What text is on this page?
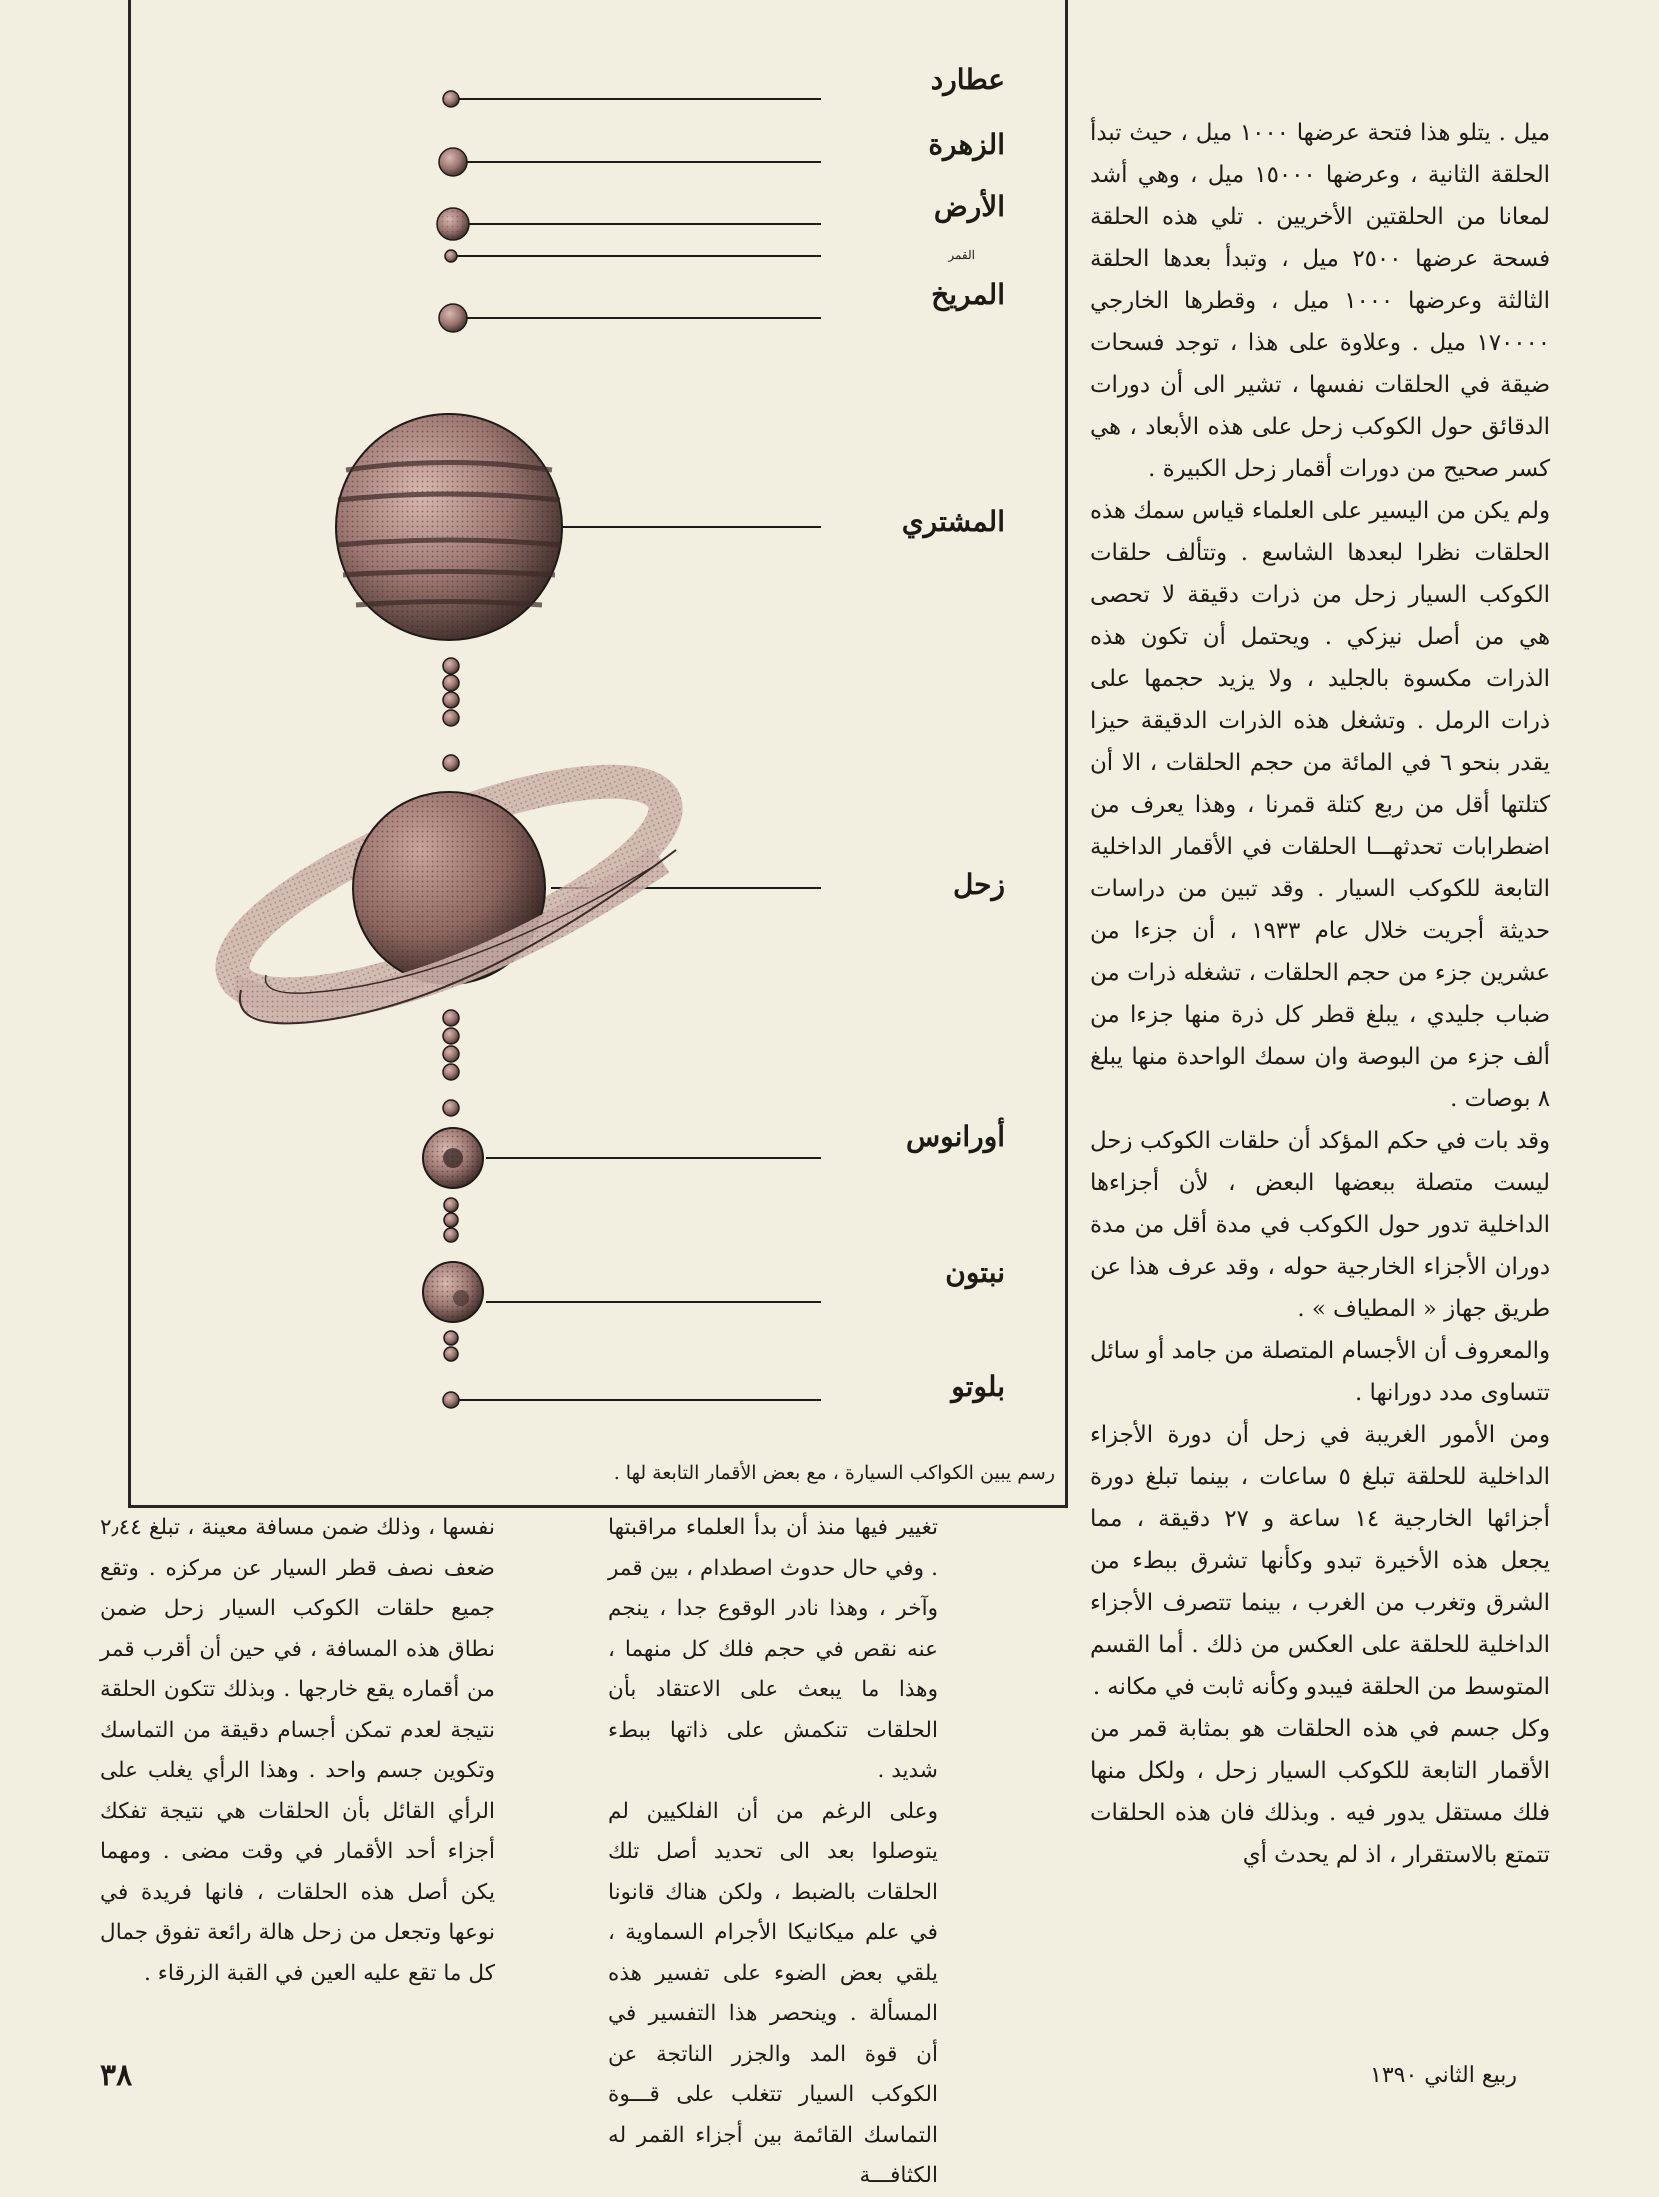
عطارد
الزهرة
الأرض
القمر
المريخ
المشتري
زحل
أورانوس
نبتون
بلوتو
رسم يبين الكواكب السيارة ، مع بعض الأقمار التابعة لها .

ميل . يتلو هذا فتحة عرضها ١٠٠٠ ميل ، حيث تبدأ الحلقة الثانية ، وعرضها ١٥٠٠٠ ميل ، وهي أشد لمعانا من الحلقتين الأخريين . تلي هذه الحلقة فسحة عرضها ٢٥٠٠ ميل ، وتبدأ بعدها الحلقة الثالثة وعرضها ١٠٠٠ ميل ، وقطرها الخارجي ١٧٠٠٠٠ ميل . وعلاوة على هذا ، توجد فسحات ضيقة في الحلقات نفسها ، تشير الى أن دورات الدقائق حول الكوكب زحل على هذه الأبعاد ، هي كسر صحيح من دورات أقمار زحل الكبيرة .

ولم يكن من اليسير على العلماء قياس سمك هذه الحلقات نظرا لبعدها الشاسع . وتتألف حلقات الكوكب السيار زحل من ذرات دقيقة لا تحصى هي من أصل نيزكي . ويحتمل أن تكون هذه الذرات مكسوة بالجليد ، ولا يزيد حجمها على ذرات الرمل . وتشغل هذه الذرات الدقيقة حيزا يقدر بنحو ٦ في المائة من حجم الحلقات ، الا أن كتلتها أقل من ربع كتلة قمرنا ، وهذا يعرف من اضطرابات تحدثهـــا الحلقات في الأقمار الداخلية التابعة للكوكب السيار . وقد تبين من دراسات حديثة أجريت خلال عام ١٩٣٣ ، أن جزءا من عشرين جزء من حجم الحلقات ، تشغله ذرات من ضباب جليدي ، يبلغ قطر كل ذرة منها جزءا من ألف جزء من البوصة وان سمك الواحدة منها يبلغ ٨ بوصات .

وقد بات في حكم المؤكد أن حلقات الكوكب زحل ليست متصلة ببعضها البعض ، لأن أجزاءها الداخلية تدور حول الكوكب في مدة أقل من مدة دوران الأجزاء الخارجية حوله ، وقد عرف هذا عن طريق جهاز « المطياف » .

والمعروف أن الأجسام المتصلة من جامد أو سائل تتساوى مدد دورانها .

ومن الأمور الغريبة في زحل أن دورة الأجزاء الداخلية للحلقة تبلغ ٥ ساعات ، بينما تبلغ دورة أجزائها الخارجية ١٤ ساعة و ٢٧ دقيقة ، مما يجعل هذه الأخيرة تبدو وكأنها تشرق ببطء من الشرق وتغرب من الغرب ، بينما تتصرف الأجزاء الداخلية للحلقة على العكس من ذلك . أما القسم المتوسط من الحلقة فيبدو وكأنه ثابت في مكانه .

وكل جسم في هذه الحلقات هو بمثابة قمر من الأقمار التابعة للكوكب السيار زحل ، ولكل منها فلك مستقل يدور فيه . وبذلك فان هذه الحلقات تتمتع بالاستقرار ، اذ لم يحدث أي

تغيير فيها منذ أن بدأ العلماء مراقبتها . وفي حال حدوث اصطدام ، بين قمر وآخر ، وهذا نادر الوقوع جدا ، ينجم عنه نقص في حجم فلك كل منهما ، وهذا ما يبعث على الاعتقاد بأن الحلقات تنكمش على ذاتها ببطء شديد .

وعلى الرغم من أن الفلكيين لم يتوصلوا بعد الى تحديد أصل تلك الحلقات بالضبط ، ولكن هناك قانونا في علم ميكانيكا الأجرام السماوية ، يلقي بعض الضوء على تفسير هذه المسألة . وينحصر هذا التفسير في أن قوة المد والجزر الناتجة عن الكوكب السيار تتغلب على قـــوة التماسك القائمة بين أجزاء القمر له الكثافـــة

نفسها ، وذلك ضمن مسافة معينة ، تبلغ ٢٫٤٤ ضعف نصف قطر السيار عن مركزه . وتقع جميع حلقات الكوكب السيار زحل ضمن نطاق هذه المسافة ، في حين أن أقرب قمر من أقماره يقع خارجها . وبذلك تتكون الحلقة نتيجة لعدم تمكن أجسام دقيقة من التماسك وتكوين جسم واحد . وهذا الرأي يغلب على الرأي القائل بأن الحلقات هي نتيجة تفكك أجزاء أحد الأقمار في وقت مضى . ومهما يكن أصل هذه الحلقات ، فانها فريدة في نوعها وتجعل من زحل هالة رائعة تفوق جمال كل ما تقع عليه العين في القبة الزرقاء .

٣٨	ربيع الثاني ١٣٩٠
